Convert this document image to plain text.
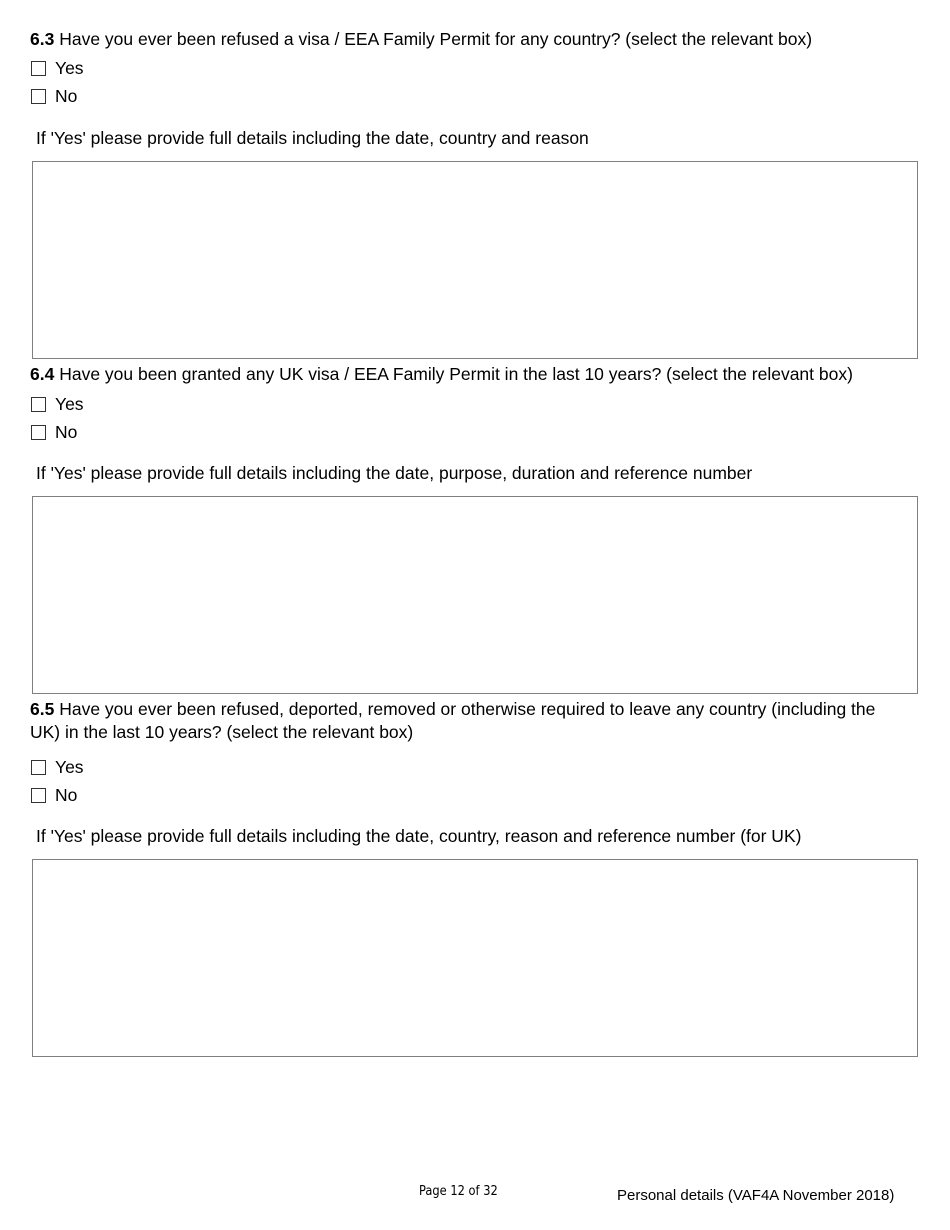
6.3 Have you ever been refused a visa / EEA Family Permit for any country? (select the relevant box)

Yes
No
If 'Yes' please provide full details including the date, country and reason

6.4 Have you been granted any UK visa / EEA Family Permit in the last 10 years? (select the relevant box)

Yes
No
If 'Yes' please provide full details including the date, purpose, duration and reference number

6.5 Have you ever been refused, deported, removed or otherwise required to leave any country (including the UK) in the last 10 years? (select the relevant box)

Yes
No
If 'Yes' please provide full details including the date, country, reason and reference number (for UK)
Page 12 of 32	Personal details (VAF4A November 2018)
